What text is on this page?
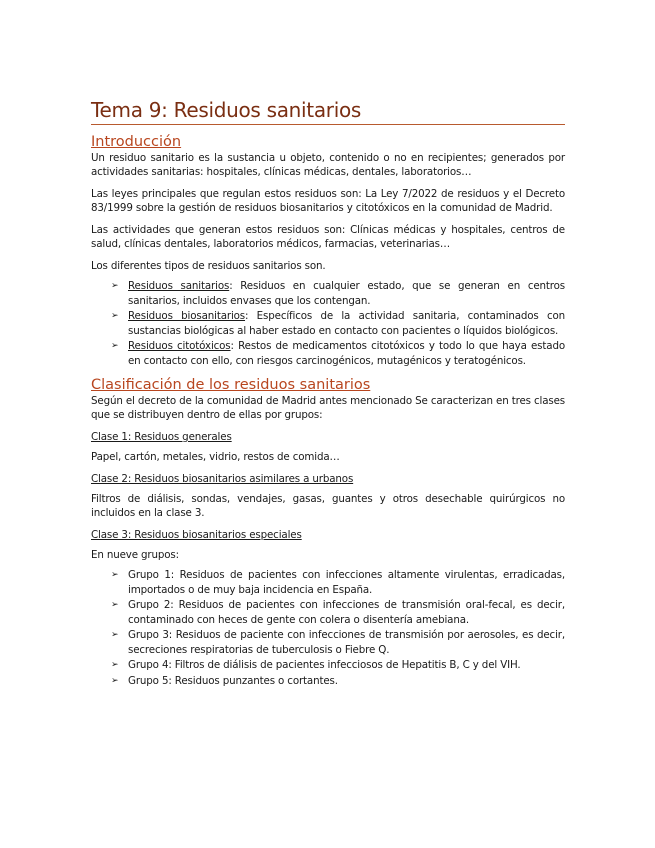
Tema 9: Residuos sanitarios
Introducción

Un residuo sanitario es la sustancia u objeto, contenido o no en recipientes; generados por actividades sanitarias: hospitales, clínicas médicas, dentales, laboratorios…

Las leyes principales que regulan estos residuos son: La Ley 7/2022 de residuos y el Decreto 83/1999 sobre la gestión de residuos biosanitarios y citotóxicos en la comunidad de Madrid.

Las actividades que generan estos residuos son: Clínicas médicas y hospitales, centros de salud, clínicas dentales, laboratorios médicos, farmacias, veterinarias…

Los diferentes tipos de residuos sanitarios son.

➢ Residuos sanitarios: Residuos en cualquier estado, que se generan en centros sanitarios, incluidos envases que los contengan.
➢ Residuos biosanitarios: Específicos de la actividad sanitaria, contaminados con sustancias biológicas al haber estado en contacto con pacientes o líquidos biológicos.
➢ Residuos citotóxicos: Restos de medicamentos citotóxicos y todo lo que haya estado en contacto con ello, con riesgos carcinogénicos, mutagénicos y teratogénicos.
Clasificación de los residuos sanitarios

Según el decreto de la comunidad de Madrid antes mencionado Se caracterizan en tres clases que se distribuyen dentro de ellas por grupos:

Clase 1: Residuos generales

Papel, cartón, metales, vidrio, restos de comida…

Clase 2: Residuos biosanitarios asimilares a urbanos

Filtros de diálisis, sondas, vendajes, gasas, guantes y otros desechable quirúrgicos no incluidos en la clase 3.

Clase 3: Residuos biosanitarios especiales

En nueve grupos:

➢ Grupo 1: Residuos de pacientes con infecciones altamente virulentas, erradicadas, importados o de muy baja incidencia en España.
➢ Grupo 2: Residuos de pacientes con infecciones de transmisión oral-fecal, es decir, contaminado con heces de gente con colera o disentería amebiana.
➢ Grupo 3: Residuos de paciente con infecciones de transmisión por aerosoles, es decir, secreciones respiratorias de tuberculosis o Fiebre Q.
➢ Grupo 4: Filtros de diálisis de pacientes infecciosos de Hepatitis B, C y del VIH.
➢ Grupo 5: Residuos punzantes o cortantes.
